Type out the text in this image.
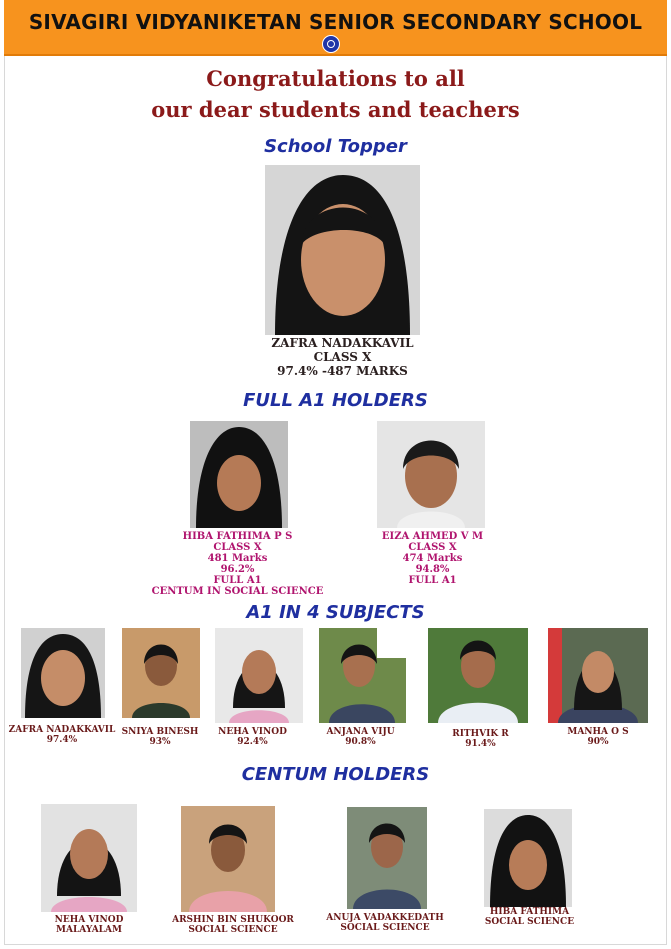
SIVAGIRI VIDYANIKETAN SENIOR SECONDARY SCHOOL
Congratulations to all
our dear students and teachers
School Topper
ZAFRA NADAKKAVIL
CLASS X
97.4% -487 MARKS
FULL A1 HOLDERS
HIBA FATHIMA P S
CLASS X
481 Marks
96.2%
FULL A1
CENTUM IN SOCIAL SCIENCE
EIZA AHMED V M
CLASS X
474 Marks
94.8%
FULL A1
A1 IN 4 SUBJECTS
ZAFRA NADAKKAVIL
97.4%
SNIYA BINESH
93%
NEHA VINOD
92.4%
ANJANA VIJU
90.8%
RITHVIK R
91.4%
MANHA O S
90%
CENTUM HOLDERS
NEHA VINOD
MALAYALAM
ARSHIN BIN SHUKOOR
SOCIAL SCIENCE
ANUJA VADAKKEDATH
SOCIAL SCIENCE
HIBA FATHIMA
SOCIAL SCIENCE
